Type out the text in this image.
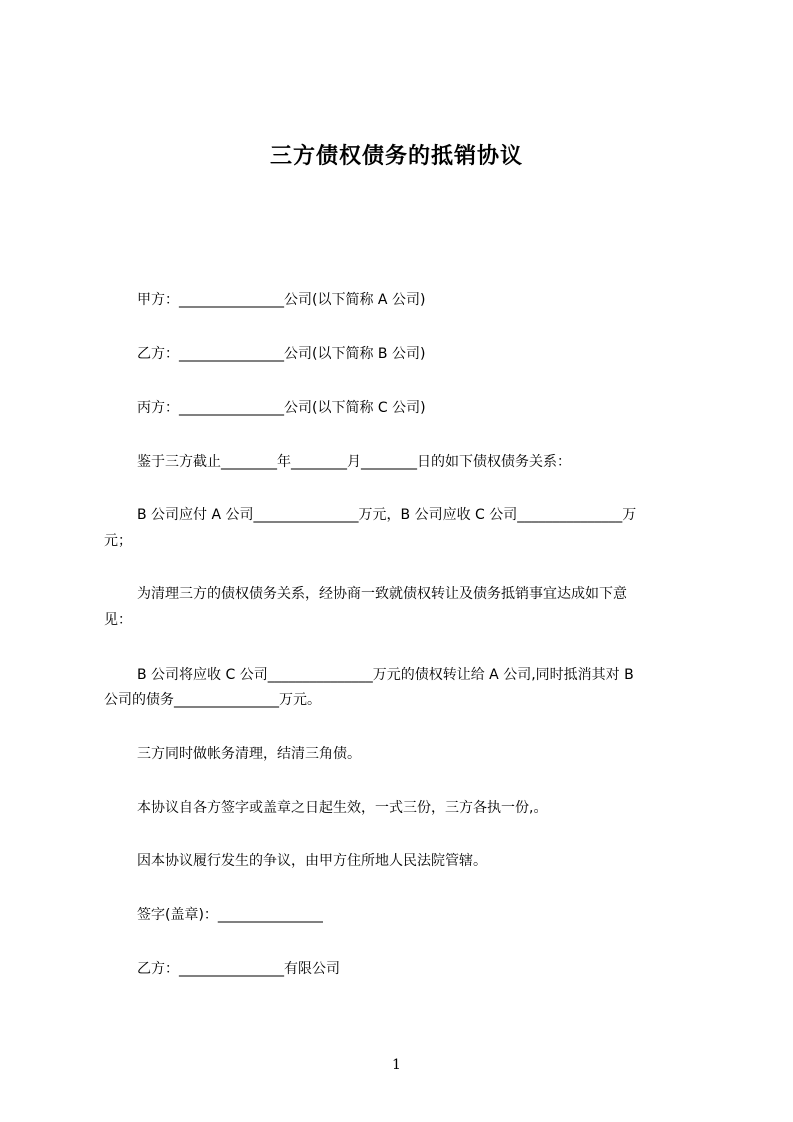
三方债权债务的抵销协议
甲方：_______________公司(以下简称 A 公司)
乙方：_______________公司(以下简称 B 公司)
丙方：_______________公司(以下简称 C 公司)
鉴于三方截止________年________月________日的如下债权债务关系：
B 公司应付 A 公司_______________万元，B 公司应收 C 公司_______________万
元；
为清理三方的债权债务关系，经协商一致就债权转让及债务抵销事宜达成如下意
见：
B 公司将应收 C 公司_______________万元的债权转让给 A 公司,同时抵消其对 B
公司的债务_______________万元。
三方同时做帐务清理，结清三角债。
本协议自各方签字或盖章之日起生效，一式三份，三方各执一份,。
因本协议履行发生的争议，由甲方住所地人民法院管辖。
签字(盖章)：_______________
乙方：_______________有限公司
1
